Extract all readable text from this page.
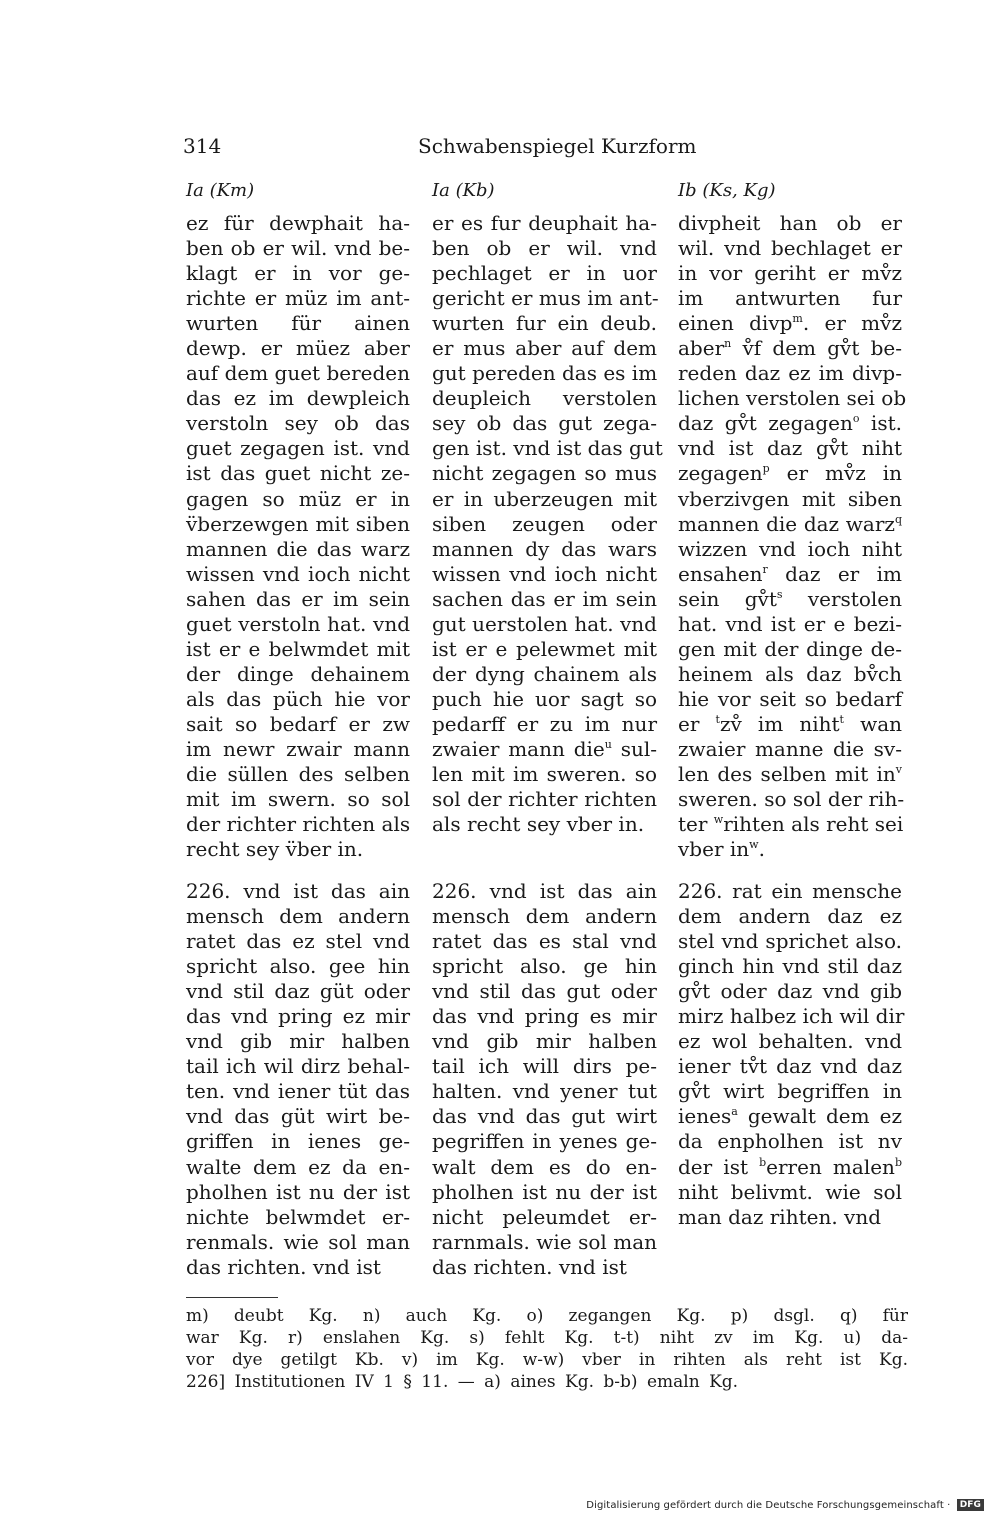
314	Schwabenspiegel Kurzform
Ia (Km)	Ia (Kb)	Ib (Ks, Kg)
ez für dewphait ha-
ben ob er wil. vnd be-
klagt er in vor ge-
richte er müz im ant-
wurten für ainen
dewp. er müez aber
auf dem guet bereden
das ez im dewpleich
verstoln sey ob das
guet zegagen ist. vnd
ist das guet nicht ze-
gagen so müz er in
v̈berzewgen mit siben
mannen die das warz
wissen vnd ioch nicht
sahen das er im sein
guet verstoln hat. vnd
ist er e belwmdet mit
der dinge dehainem
als das püch hie vor
sait so bedarf er zw
im newr zwair mann
die süllen des selben
mit im swern. so sol
der richter richten als
recht sey v̈ber in.
er es fur deuphait ha-
ben ob er wil. vnd
pechlaget er in uor
gericht er mus im ant-
wurten fur ein deub.
er mus aber auf dem
gut pereden das es im
deupleich verstolen
sey ob das gut zega-
gen ist. vnd ist das gut
nicht zegagen so mus
er in uberzeugen mit
siben zeugen oder
mannen dy das wars
wissen vnd ioch nicht
sachen das er im sein
gut uerstolen hat. vnd
ist er e pelewmet mit
der dyng chainem als
puch hie uor sagt so
pedarff er zu im nur
zwaier mann die$^u$ sul-
len mit im sweren. so
sol der richter richten
als recht sey vber in.
divpheit han ob er
wil. vnd bechlaget er
in vor geriht er mv̊z
im antwurten fur
einen divp$^m$. er mv̊z
aber$^n$ v̊f dem gv̊t be-
reden daz ez im divp-
lichen verstolen sei ob
daz gv̊t zegagen$^o$ ist.
vnd ist daz gv̊t niht
zegagen$^p$ er mv̊z in
vberzivgen mit siben
mannen die daz warz$^q$
wizzen vnd ioch niht
ensahen$^r$ daz er im
sein $gv̊t^s$ verstolen
hat. vnd ist er e bezi-
gen mit der dinge de-
heinem als daz bv̊ch
hie vor seit so bedarf
er $^t$zv̊ im niht$^t$ wan
zwaier manne die sv-
len des selben mit $in^v$
sweren. so sol der rih-
ter $^w$rihten als reht sei
vber $in^w$.
226. vnd ist das ain
mensch dem andern
ratet das ez stel vnd
spricht also. gee hin
vnd stil daz güt oder
das vnd pring ez mir
vnd gib mir halben
tail ich wil dirz behal-
ten. vnd iener tüt das
vnd das güt wirt be-
griffen in ienes ge-
walte dem ez da en-
pholhen ist nu der ist
nichte belwmdet er-
renmals. wie sol man
das richten. vnd ist
226. vnd ist das ain
mensch dem andern
ratet das es stal vnd
spricht also. ge hin
vnd stil das gut oder
das vnd pring es mir
vnd gib mir halben
tail ich will dirs pe-
halten. vnd yener tut
das vnd das gut wirt
pegriffen in yenes ge-
walt dem es do en-
pholhen ist nu der ist
nicht peleumdet er-
rarnmals. wie sol man
das richten. vnd ist
226. rat ein mensche
dem andern daz ez
stel vnd sprichet also.
ginch hin vnd stil daz
gv̊t oder daz vnd gib
mirz halbez ich wil dir
ez wol behalten. vnd
iener tv̊t daz vnd daz
gv̊t wirt begriffen in
ienes$^a$ gewalt dem ez
da enpholhen ist nv
der ist $^b$erren malen$^b$
niht belivmt. wie sol
man daz rihten. vnd
m) deubt Kg. n) auch Kg. o) zegangen Kg. p) dsgl. q) für
war Kg. r) enslahen Kg. s) fehlt Kg. t-t) niht zv im Kg. u) da-
vor dye getilgt Kb. v) im Kg. w-w) vber in rihten als reht ist Kg.
226] Institutionen IV 1 § 11. — a) aines Kg. b-b) emaln Kg.
Digitalisierung gefördert durch die Deutsche Forschungsgemeinschaft · DFG
